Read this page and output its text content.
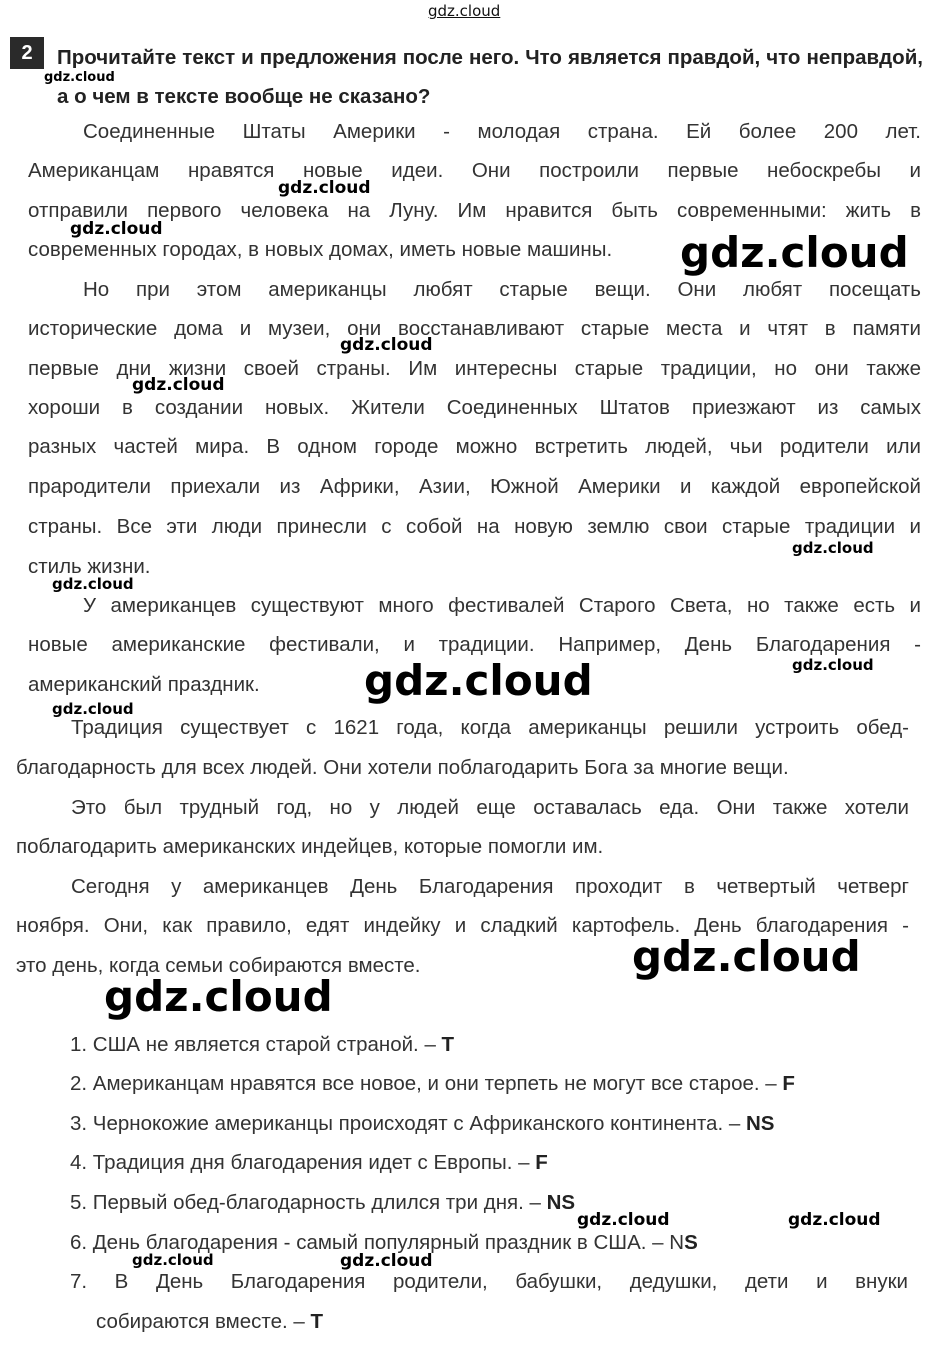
gdz.cloud
2	Прочитайте текст и предложения после него. Что является правдой, что неправдой, а о чем в тексте вообще не сказано?
Соединенные Штаты Америки - молодая страна. Ей более 200 лет.
Американцам нравятся новые идеи. Они построили первые небоскребы и
отправили первого человека на Луну. Им нравится быть современными: жить в
современных городах, в новых домах, иметь новые машины.
Но при этом американцы любят старые вещи. Они любят посещать
исторические дома и музеи, они восстанавливают старые места и чтят в памяти
первые дни жизни своей страны. Им интересны старые традиции, но они также
хороши в создании новых. Жители Соединенных Штатов приезжают из самых
разных частей мира. В одном городе можно встретить людей, чьи родители или
прародители приехали из Африки, Азии, Южной Америки и каждой европейской
страны. Все эти люди принесли с собой на новую землю свои старые традиции и
стиль жизни.
У американцев существуют много фестивалей Старого Света, но также есть и
новые американские фестивали, и традиции. Например, День Благодарения -
американский праздник.
Традиция существует с 1621 года, когда американцы решили устроить обед-
благодарность для всех людей. Они хотели поблагодарить Бога за многие вещи.
Это был трудный год, но у людей еще оставалась еда. Они также хотели
поблагодарить американских индейцев, которые помогли им.
Сегодня у американцев День Благодарения проходит в четвертый четверг
ноября. Они, как правило, едят индейку и сладкий картофель. День благодарения -
это день, когда семьи собираются вместе.
1. США не является старой страной. – T
2. Американцам нравятся все новое, и они терпеть не могут все старое. – F
3. Чернокожие американцы происходят с Африканского континента. – NS
4. Традиция дня благодарения идет с Европы. – F
5. Первый обед-благодарность длился три дня. – NS
6. День благодарения - самый популярный праздник в США. – NS
7. В День Благодарения родители, бабушки, дедушки, дети и внуки
собираются вместе. – T
gdz.cloud
gdz.cloud
gdz.cloud	gdz.cloud
gdz.cloud
gdz.cloud
gdz.cloud
gdz.cloud
gdz.cloud	gdz.cloud
gdz.cloud
gdz.cloud
gdz.cloud
gdz.cloud	gdz.cloud
gdz.cloud	gdz.cloud
